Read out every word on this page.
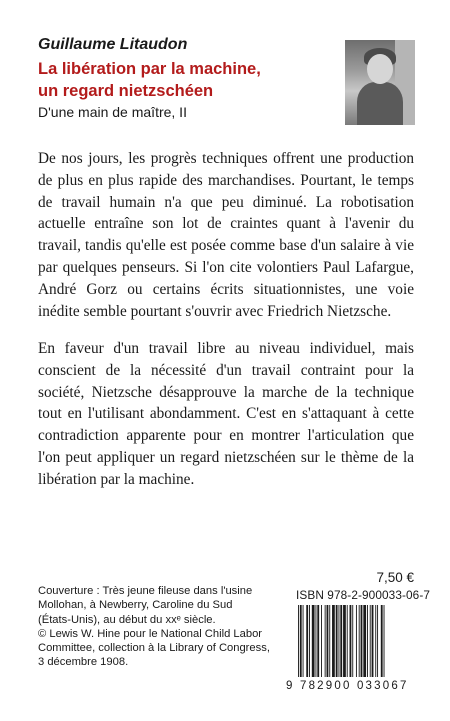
Guillaume Litaudon
La libération par la machine,
un regard nietzschéen
D'une main de maître, II

De nos jours, les progrès techniques offrent une production de plus en plus rapide des marchandises. Pourtant, le temps de travail humain n'a que peu diminué. La robotisation actuelle entraîne son lot de craintes quant à l'avenir du travail, tandis qu'elle est posée comme base d'un salaire à vie par quelques penseurs. Si l'on cite volontiers Paul Lafargue, André Gorz ou certains écrits situationnistes, une voie inédite semble pourtant s'ouvrir avec Friedrich Nietzsche.

En faveur d'un travail libre au niveau individuel, mais conscient de la nécessité d'un travail contraint pour la société, Nietzsche désapprouve la marche de la technique tout en l'utilisant abondamment. C'est en s'attaquant à cette contradiction apparente pour en montrer l'articulation que l'on peut appliquer un regard nietzschéen sur le thème de la libération par la machine.

7,50 €
Couverture : Très jeune fileuse dans l'usine
Mollohan, à Newberry, Caroline du Sud
(États-Unis), au début du xxᵉ siècle.
© Lewis W. Hine pour le National Child Labor
Committee, collection à la Library of Congress,
3 décembre 1908.
ISBN 978-2-900033-06-7
9 782900 033067
